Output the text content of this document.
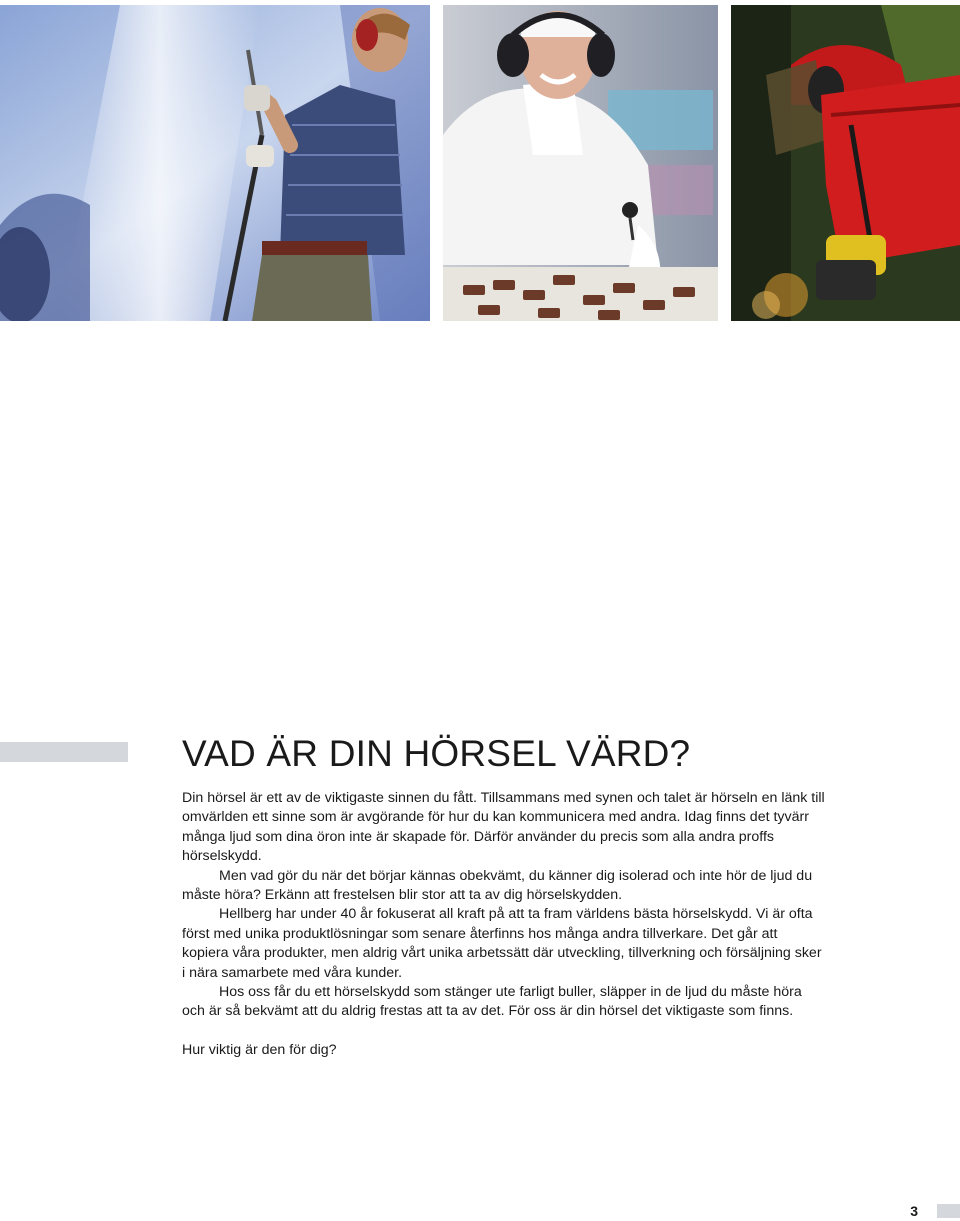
VAD ÄR DIN HÖRSEL VÄRD?

Din hörsel är ett av de viktigaste sinnen du fått. Tillsammans med synen och talet är hörseln en länk till omvärlden ett sinne som är avgörande för hur du kan kommunicera med andra. Idag finns det tyvärr många ljud som dina öron inte är skapade för. Därför använder du precis som alla andra proffs hörselskydd.

Men vad gör du när det börjar kännas obekvämt, du känner dig isolerad och inte hör de ljud du måste höra? Erkänn att frestelsen blir stor att ta av dig hörselskydden.

Hellberg har under 40 år fokuserat all kraft på att ta fram världens bästa hörselskydd. Vi är ofta först med unika produktlösningar som senare återfinns hos många andra tillverkare. Det går att kopiera våra produkter, men aldrig vårt unika arbetssätt där utveckling, tillverkning och försäljning sker i nära samarbete med våra kunder.

Hos oss får du ett hörselskydd som stänger ute farligt buller, släpper in de ljud du måste höra och är så bekvämt att du aldrig frestas att ta av det. För oss är din hörsel det viktigaste som finns.

Hur viktig är den för dig?

3
